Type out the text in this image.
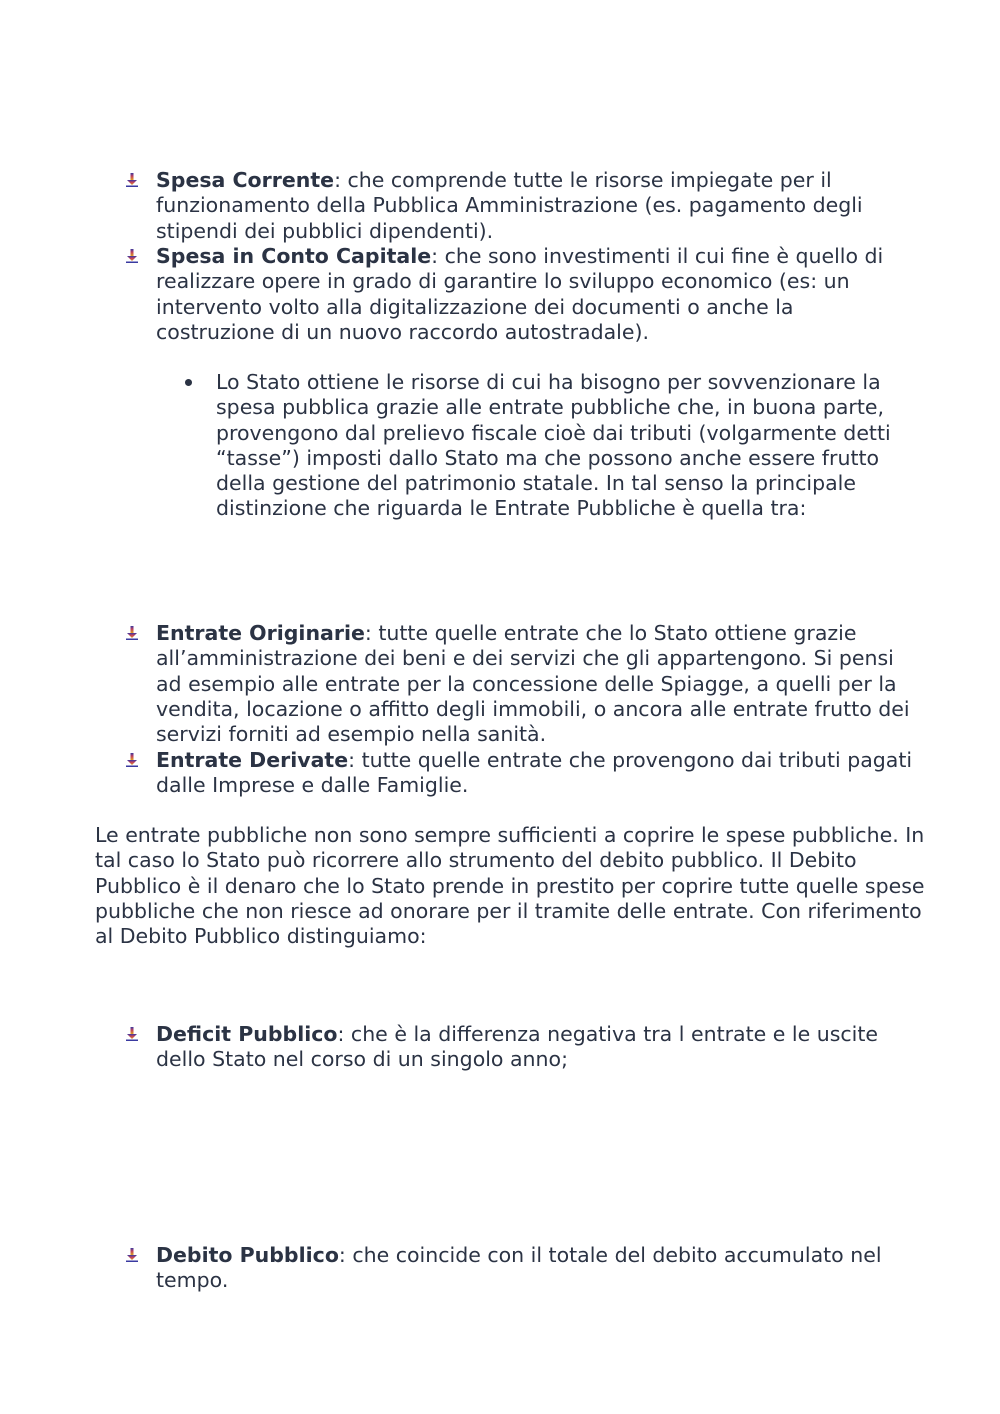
Spesa Corrente: che comprende tutte le risorse impiegate per il funzionamento della Pubblica Amministrazione (es. pagamento degli stipendi dei pubblici dipendenti).
Spesa in Conto Capitale: che sono investimenti il cui fine è quello di realizzare opere in grado di garantire lo sviluppo economico (es: un intervento volto alla digitalizzazione dei documenti o anche la costruzione di un nuovo raccordo autostradale).
Lo Stato ottiene le risorse di cui ha bisogno per sovvenzionare la spesa pubblica grazie alle entrate pubbliche che, in buona parte, provengono dal prelievo fiscale cioè dai tributi (volgarmente detti “tasse”) imposti dallo Stato ma che possono anche essere frutto della gestione del patrimonio statale. In tal senso la principale distinzione che riguarda le Entrate Pubbliche è quella tra:
Entrate Originarie: tutte quelle entrate che lo Stato ottiene grazie all’amministrazione dei beni e dei servizi che gli appartengono. Si pensi ad esempio alle entrate per la concessione delle Spiagge, a quelli per la vendita, locazione o affitto degli immobili, o ancora alle entrate frutto dei servizi forniti ad esempio nella sanità.
Entrate Derivate: tutte quelle entrate che provengono dai tributi pagati dalle Imprese e dalle Famiglie.
Le entrate pubbliche non sono sempre sufficienti a coprire le spese pubbliche. In tal caso lo Stato può ricorrere allo strumento del debito pubblico. Il Debito Pubblico è il denaro che lo Stato prende in prestito per coprire tutte quelle spese pubbliche che non riesce ad onorare per il tramite delle entrate. Con riferimento al Debito Pubblico distinguiamo:
Deficit Pubblico: che è la differenza negativa tra l entrate e le uscite dello Stato nel corso di un singolo anno;
Debito Pubblico: che coincide con il totale del debito accumulato nel tempo.
